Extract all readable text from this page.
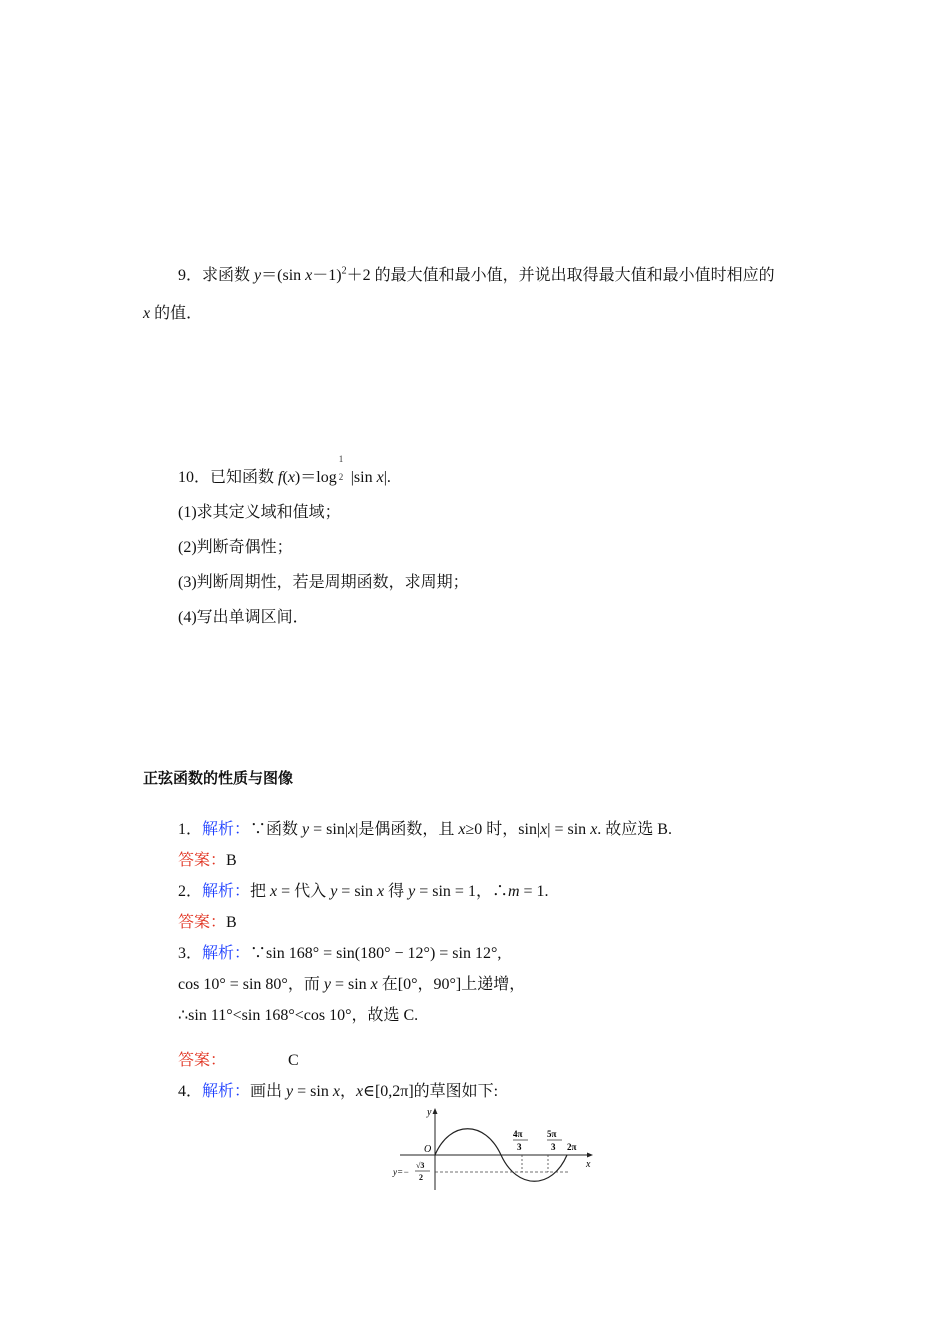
9．求函数 y＝(sin x－1)$^2$＋2 的最大值和最小值，并说出取得最大值和最小值时相应的
x 的值．
10．已知函数 f(x)＝log
1
2 |sin x|.
(1)求其定义域和值域；
(2)判断奇偶性；
(3)判断周期性，若是周期函数，求周期；
(4)写出单调区间．
正弦函数的性质与图像
1．解析：∵函数 y = sin|x|是偶函数，且 x≥0 时，sin|x| = sin x. 故应选 B.
答案：B
2．解析：把 x = 代入 y = sin x 得 y = sin = 1，∴m = 1.
答案：B
3．解析：∵sin 168° = sin(180° − 12°) = sin 12°,
cos 10° = sin 80°，而 y = sin x 在[0°，90°]上递增，
∴sin 11°<sin 168°<cos 10°，故选 C.
答案：	C
4．解析：画出 y = sin x，x∈[0,2π]的草图如下:
y
x
O
4π
3
5π
3 2π
y=−
√3
2
